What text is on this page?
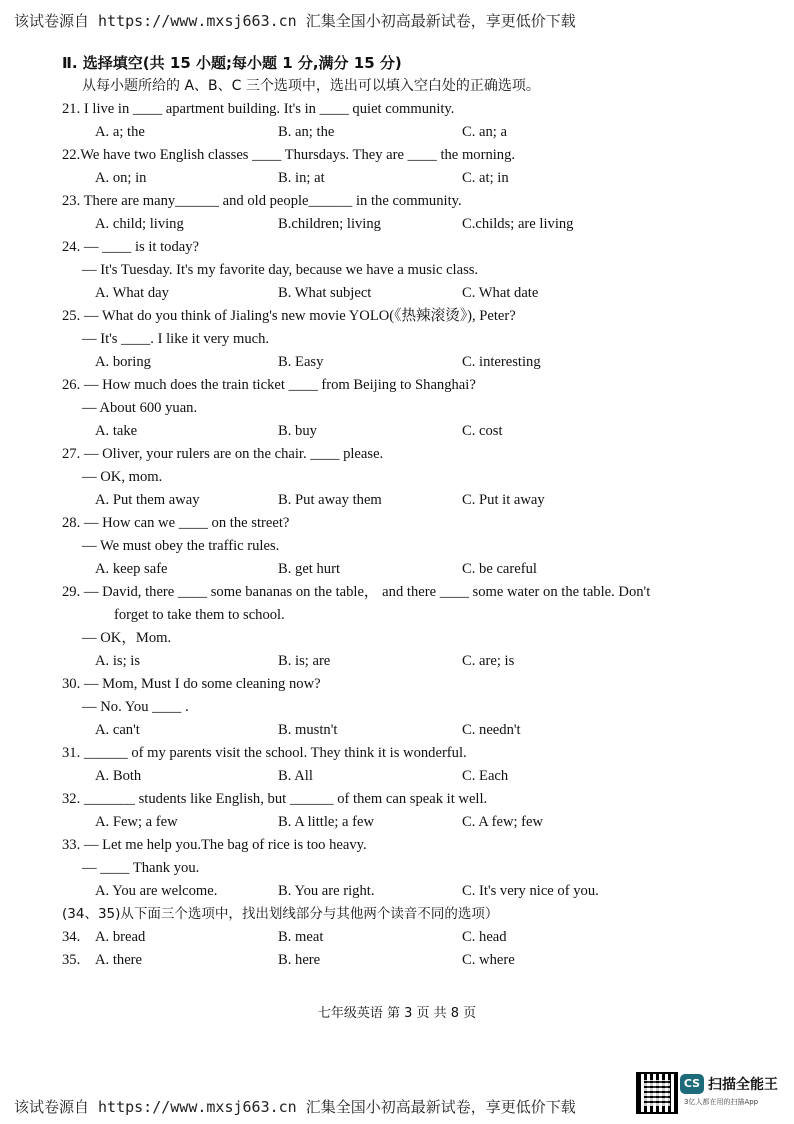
该试卷源自 https://www.mxsj663.cn 汇集全国小初高最新试卷，享更低价下载
Ⅱ. 选择填空(共 15 小题;每小题 1 分,满分 15 分)
从每小题所给的 A、B、C 三个选项中，选出可以填入空白处的正确选项。
21. I live in ____ apartment building. It's in ____ quiet community.
A. a; the	B. an; the	C. an; a
22.We have two English classes ____ Thursdays. They are ____ the morning.
A. on; in	B. in; at	C. at; in
23. There are many______ and old people______ in the community.
A. child; living	B.children; living	C.childs; are living
24. — ____ is it today?
— It's Tuesday. It's my favorite day, because we have a music class.
A. What day	B. What subject	C. What date
25. — What do you think of Jialing's new movie YOLO(《热辣滚烫》), Peter?
— It's ____. I like it very much.
A. boring	B. Easy	C. interesting
26. — How much does the train ticket ____ from Beijing to Shanghai?
— About 600 yuan.
A. take	B. buy	C. cost
27. — Oliver, your rulers are on the chair. ____ please.
— OK, mom.
A. Put them away	B. Put away them	C. Put it away
28. — How can we ____ on the street?
— We must obey the traffic rules.
A. keep safe	B. get hurt	C. be careful
29. — David, there ____ some bananas on the table， and there ____ some water on the table. Don't
forget to take them to school.
— OK，Mom.
A. is; is	B. is; are	C. are; is
30. — Mom, Must I do some cleaning now?
— No. You ____ .
A. can't	B. mustn't	C. needn't
31. ______ of my parents visit the school. They think it is wonderful.
A. Both	B. All	C. Each
32. _______ students like English, but ______ of them can speak it well.
A. Few; a few	B. A little; a few	C. A few; few
33. — Let me help you.The bag of rice is too heavy.
— ____ Thank you.
A. You are welcome.	B. You are right.	C. It's very nice of you.
(34、35)从下面三个选项中，找出划线部分与其他两个读音不同的选项）
34. A. bread	B. meat	C. head
35. A. there	B. here	C. where
七年级英语 第 3 页 共 8 页
CS 扫描全能王
3亿人都在用的扫描App
该试卷源自 https://www.mxsj663.cn 汇集全国小初高最新试卷，享更低价下载
